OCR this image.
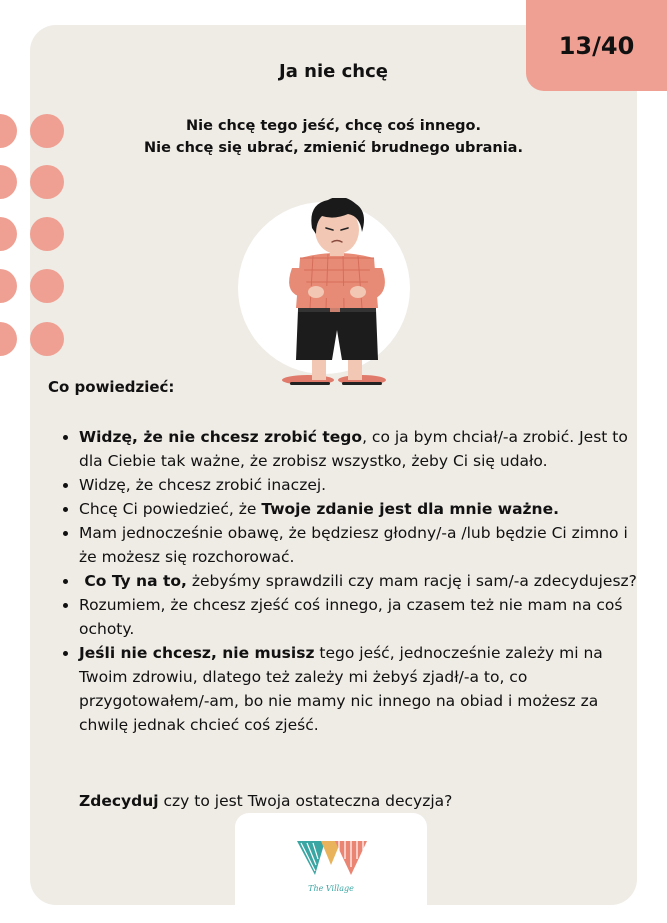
13/40
Ja nie chcę
Nie chcę tego jeść, chcę coś innego.
Nie chcę się ubrać, zmienić brudnego ubrania.
Co powiedzieć:
• Widzę, że nie chcesz zrobić tego, co ja bym chciał/-a zrobić. Jest to dla Ciebie tak ważne, że zrobisz wszystko, żeby Ci się udało.
• Widzę, że chcesz zrobić inaczej.
• Chcę Ci powiedzieć, że Twoje zdanie jest dla mnie ważne.
• Mam jednocześnie obawę, że będziesz głodny/-a /lub będzie Ci zimno i że możesz się rozchorować.
•  Co Ty na to, żebyśmy sprawdzili czy mam rację i sam/-a zdecydujesz?
• Rozumiem, że chcesz zjeść coś innego, ja czasem też nie mam na coś ochoty.
• Jeśli nie chcesz, nie musisz tego jeść, jednocześnie zależy mi na Twoim zdrowiu, dlatego też zależy mi żebyś zjadł/-a to, co przygotowałem/-am, bo nie mamy nic innego na obiad i możesz za chwilę jednak chcieć coś zjeść.
Zdecyduj czy to jest Twoja ostateczna decyzja?
The Village
